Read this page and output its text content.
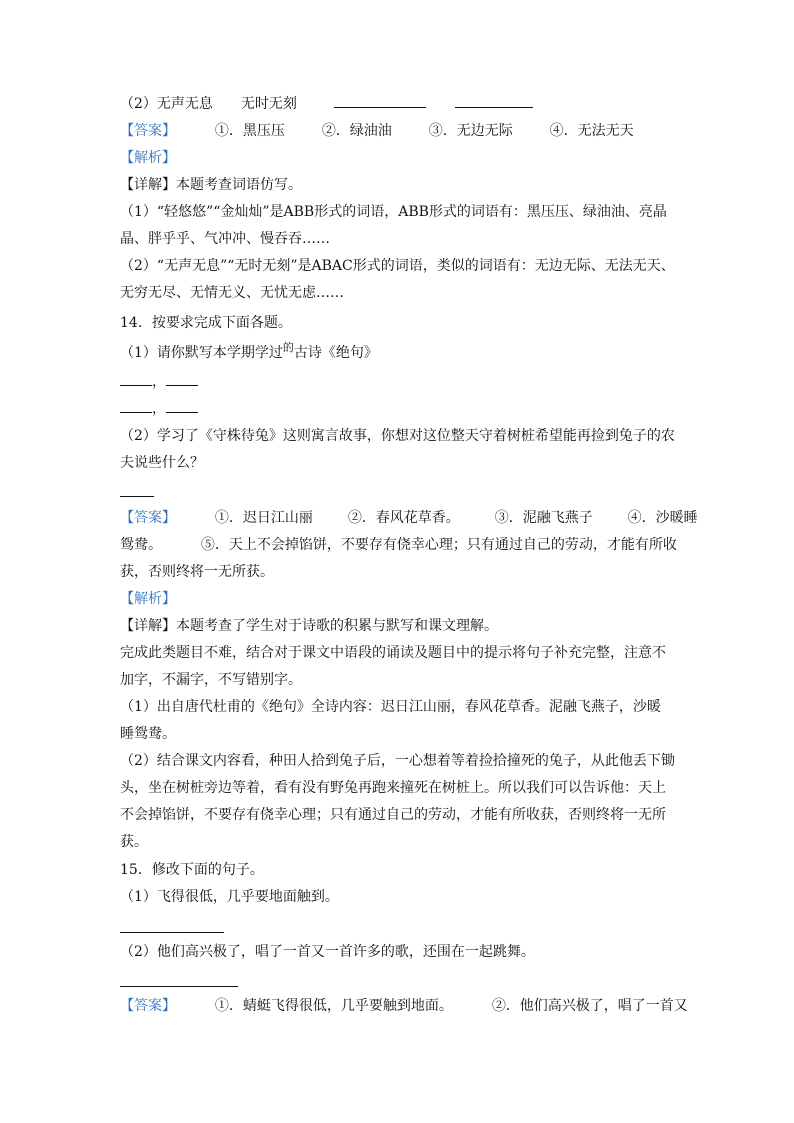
（2）无声无息　　无时无刻
【答案】	①．黑压压	②．绿油油	③．无边无际	④．无法无天
【解析】
【详解】本题考查词语仿写。
（1）“轻悠悠”“金灿灿”是ABB形式的词语，ABB形式的词语有：黑压压、绿油油、亮晶
晶、胖乎乎、气冲冲、慢吞吞……
（2）“无声无息”“无时无刻”是ABAC形式的词语，类似的词语有：无边无际、无法无天、
无穷无尽、无情无义、无忧无虑……
14．按要求完成下面各题。
（1）请你默写本学期学过$^的$古诗《绝句》
，
，
（2）学习了《守株待兔》这则寓言故事，你想对这位整天守着树桩希望能再捡到兔子的农
夫说些什么？
【答案】	①．迟日江山丽 ②．春风花草香。 ③．泥融飞燕子 ④．沙暖睡
鸳鸯。	⑤．天上不会掉馅饼，不要存有侥幸心理；只有通过自己的劳动，才能有所收
获，否则终将一无所获。
【解析】
【详解】本题考查了学生对于诗歌的积累与默写和课文理解。
完成此类题目不难，结合对于课文中语段的诵读及题目中的提示将句子补充完整，注意不
加字，不漏字，不写错别字。
（1）出自唐代杜甫的《绝句》全诗内容：迟日江山丽，春风花草香。泥融飞燕子，沙暖
睡鸳鸯。
（2）结合课文内容看，种田人拾到兔子后，一心想着等着捡拾撞死的兔子，从此他丢下锄
头，坐在树桩旁边等着，看有没有野兔再跑来撞死在树桩上。所以我们可以告诉他：天上
不会掉馅饼，不要存有侥幸心理；只有通过自己的劳动，才能有所收获，否则终将一无所
获。
15．修改下面的句子。
（1）飞得很低，几乎要地面触到。
（2）他们高兴极了，唱了一首又一首许多的歌，还围在一起跳舞。
【答案】	①．蜻蜓飞得很低，几乎要触到地面。	②．他们高兴极了，唱了一首又
